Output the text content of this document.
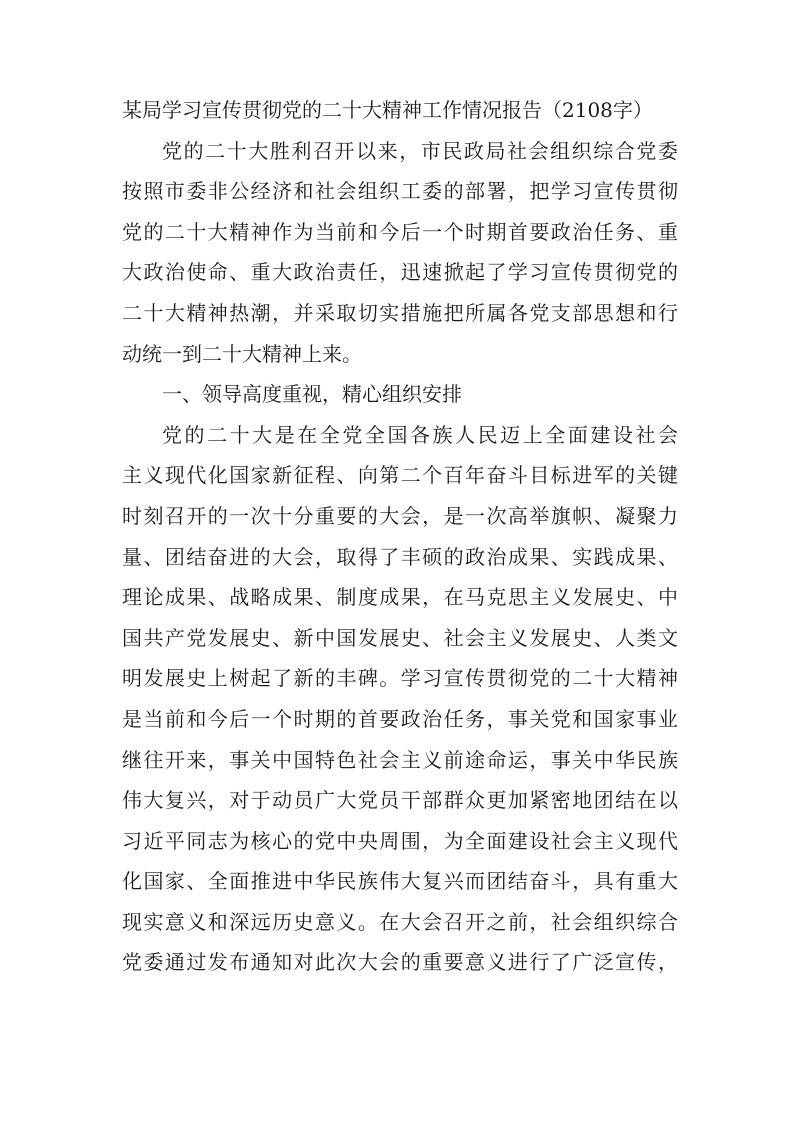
某局学习宣传贯彻党的二十大精神工作情况报告（2108字）
党的二十大胜利召开以来，市民政局社会组织综合党委
按照市委非公经济和社会组织工委的部署，把学习宣传贯彻
党的二十大精神作为当前和今后一个时期首要政治任务、重
大政治使命、重大政治责任，迅速掀起了学习宣传贯彻党的
二十大精神热潮，并采取切实措施把所属各党支部思想和行
动统一到二十大精神上来。
一、领导高度重视，精心组织安排
党的二十大是在全党全国各族人民迈上全面建设社会
主义现代化国家新征程、向第二个百年奋斗目标进军的关键
时刻召开的一次十分重要的大会，是一次高举旗帜、凝聚力
量、团结奋进的大会，取得了丰硕的政治成果、实践成果、
理论成果、战略成果、制度成果，在马克思主义发展史、中
国共产党发展史、新中国发展史、社会主义发展史、人类文
明发展史上树起了新的丰碑。学习宣传贯彻党的二十大精神
是当前和今后一个时期的首要政治任务，事关党和国家事业
继往开来，事关中国特色社会主义前途命运，事关中华民族
伟大复兴，对于动员广大党员干部群众更加紧密地团结在以
习近平同志为核心的党中央周围，为全面建设社会主义现代
化国家、全面推进中华民族伟大复兴而团结奋斗，具有重大
现实意义和深远历史意义。在大会召开之前，社会组织综合
党委通过发布通知对此次大会的重要意义进行了广泛宣传，
